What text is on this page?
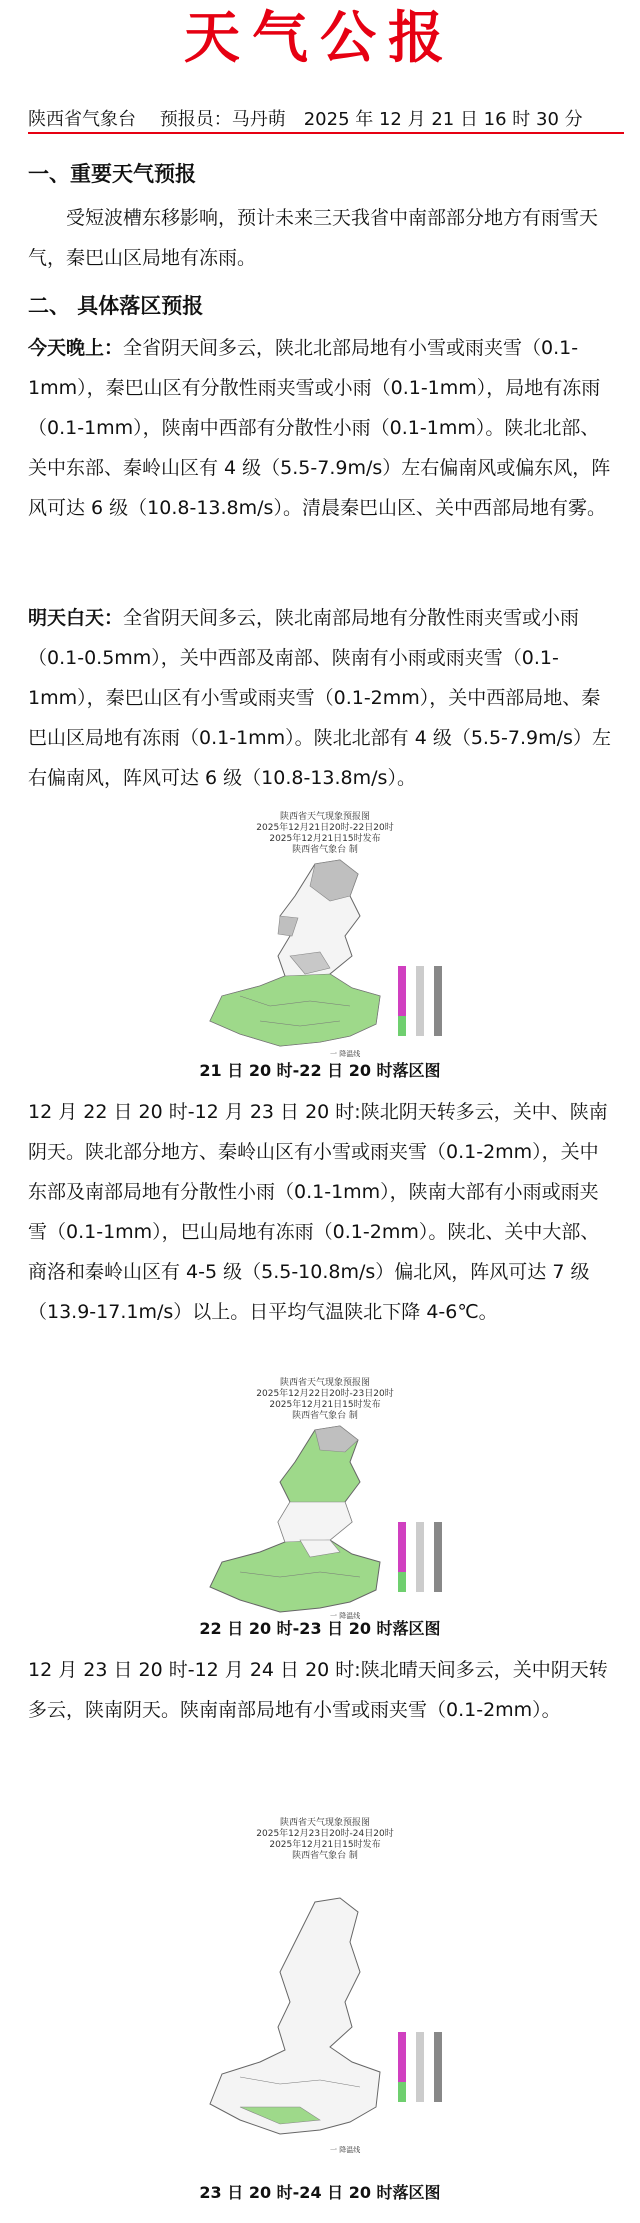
天气公报
陕西省气象台　 预报员：马丹萌　2025 年 12 月 21 日 16 时 30 分
一、重要天气预报
受短波槽东移影响，预计未来三天我省中南部部分地方有雨雪天气，秦巴山区局地有冻雨。
二、 具体落区预报
今天晚上：全省阴天间多云，陕北北部局地有小雪或雨夹雪（0.1-1mm），秦巴山区有分散性雨夹雪或小雨（0.1-1mm），局地有冻雨（0.1-1mm），陕南中西部有分散性小雨（0.1-1mm）。陕北北部、关中东部、秦岭山区有 4 级（5.5-7.9m/s）左右偏南风或偏东风，阵风可达 6 级（10.8-13.8m/s）。清晨秦巴山区、关中西部局地有雾。
明天白天：全省阴天间多云，陕北南部局地有分散性雨夹雪或小雨（0.1-0.5mm），关中西部及南部、陕南有小雨或雨夹雪（0.1-1mm），秦巴山区有小雪或雨夹雪（0.1-2mm），关中西部局地、秦巴山区局地有冻雨（0.1-1mm）。陕北北部有 4 级（5.5-7.9m/s）左右偏南风，阵风可达 6 级（10.8-13.8m/s）。
陕西省天气现象预报图
2025年12月21日20时-22日20时
2025年12月21日15时发布
陕西省气象台 制
一 降温线
21 日 20 时-22 日 20 时落区图
12 月 22 日 20 时-12 月 23 日 20 时:陕北阴天转多云，关中、陕南阴天。陕北部分地方、秦岭山区有小雪或雨夹雪（0.1-2mm），关中东部及南部局地有分散性小雨（0.1-1mm），陕南大部有小雨或雨夹雪（0.1-1mm），巴山局地有冻雨（0.1-2mm）。陕北、关中大部、商洛和秦岭山区有 4-5 级（5.5-10.8m/s）偏北风，阵风可达 7 级（13.9-17.1m/s）以上。日平均气温陕北下降 4-6℃。
陕西省天气现象预报图
2025年12月22日20时-23日20时
2025年12月21日15时发布
陕西省气象台 制
一 降温线
22 日 20 时-23 日 20 时落区图
12 月 23 日 20 时-12 月 24 日 20 时:陕北晴天间多云，关中阴天转多云，陕南阴天。陕南南部局地有小雪或雨夹雪（0.1-2mm）。
陕西省天气现象预报图
2025年12月23日20时-24日20时
2025年12月21日15时发布
陕西省气象台 制
一 降温线
23 日 20 时-24 日 20 时落区图
